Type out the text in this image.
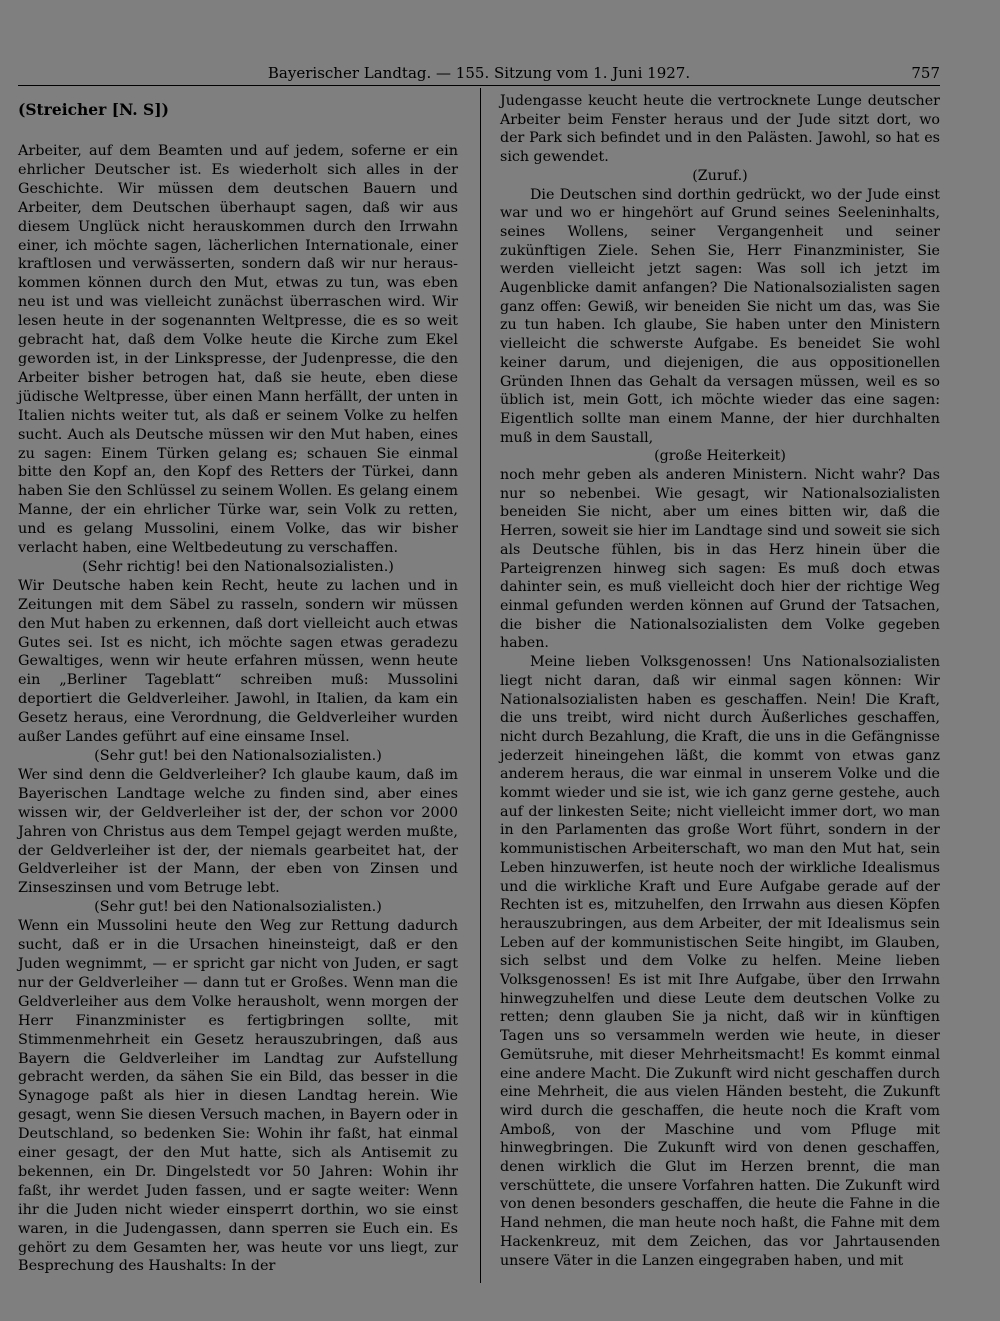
Bayerischer Landtag. — 155. Sitzung vom 1. Juni 1927.	757
(Streicher [N. S])

Arbeiter, auf dem Beamten und auf jedem, soferne er ein ehrlicher Deutscher ist. Es wiederholt sich alles in der Geschichte. Wir müssen dem deutschen Bauern und Arbeiter, dem Deutschen überhaupt sagen, daß wir aus diesem Unglück nicht herauskommen durch den Irrwahn einer, ich möchte sagen, lächerlichen Internationale, einer kraftlosen und verwässerten, sondern daß wir nur heraus-kommen können durch den Mut, etwas zu tun, was eben neu ist und was vielleicht zunächst überraschen wird. Wir lesen heute in der sogenannten Weltpresse, die es so weit gebracht hat, daß dem Volke heute die Kirche zum Ekel geworden ist, in der Linkspresse, der Judenpresse, die den Arbeiter bisher betrogen hat, daß sie heute, eben diese jüdische Weltpresse, über einen Mann herfällt, der unten in Italien nichts weiter tut, als daß er seinem Volke zu helfen sucht. Auch als Deutsche müssen wir den Mut haben, eines zu sagen: Einem Türken gelang es; schauen Sie einmal bitte den Kopf an, den Kopf des Retters der Türkei, dann haben Sie den Schlüssel zu seinem Wollen. Es gelang einem Manne, der ein ehrlicher Türke war, sein Volk zu retten, und es gelang Mussolini, einem Volke, das wir bisher verlacht haben, eine Weltbedeutung zu verschaffen.

(Sehr richtig! bei den Nationalsozialisten.)

Wir Deutsche haben kein Recht, heute zu lachen und in Zeitungen mit dem Säbel zu rasseln, sondern wir müssen den Mut haben zu erkennen, daß dort vielleicht auch etwas Gutes sei. Ist es nicht, ich möchte sagen etwas geradezu Gewaltiges, wenn wir heute erfahren müssen, wenn heute ein „Berliner Tageblatt“ schreiben muß: Mussolini deportiert die Geldverleiher. Jawohl, in Italien, da kam ein Gesetz heraus, eine Verordnung, die Geldverleiher wurden außer Landes geführt auf eine einsame Insel.

(Sehr gut! bei den Nationalsozialisten.)

Wer sind denn die Geldverleiher? Ich glaube kaum, daß im Bayerischen Landtage welche zu finden sind, aber eines wissen wir, der Geldverleiher ist der, der schon vor 2000 Jahren von Christus aus dem Tempel gejagt werden mußte, der Geldverleiher ist der, der niemals gearbeitet hat, der Geldverleiher ist der Mann, der eben von Zinsen und Zinseszinsen und vom Betruge lebt.

(Sehr gut! bei den Nationalsozialisten.)

Wenn ein Mussolini heute den Weg zur Rettung dadurch sucht, daß er in die Ursachen hineinsteigt, daß er den Juden wegnimmt, — er spricht gar nicht von Juden, er sagt nur der Geldverleiher — dann tut er Großes. Wenn man die Geldverleiher aus dem Volke herausholt, wenn morgen der Herr Finanzminister es fertigbringen sollte, mit Stimmenmehrheit ein Gesetz herauszubringen, daß aus Bayern die Geldverleiher im Landtag zur Aufstellung gebracht werden, da sähen Sie ein Bild, das besser in die Synagoge paßt als hier in diesen Landtag herein. Wie gesagt, wenn Sie diesen Versuch machen, in Bayern oder in Deutschland, so bedenken Sie: Wohin ihr faßt, hat einmal einer gesagt, der den Mut hatte, sich als Antisemit zu bekennen, ein Dr. Dingelstedt vor 50 Jahren: Wohin ihr faßt, ihr werdet Juden fassen, und er sagte weiter: Wenn ihr die Juden nicht wieder einsperrt dorthin, wo sie einst waren, in die Judengassen, dann sperren sie Euch ein. Es gehört zu dem Gesamten her, was heute vor uns liegt, zur Besprechung des Haushalts: In der

Judengasse keucht heute die vertrocknete Lunge deutscher Arbeiter beim Fenster heraus und der Jude sitzt dort, wo der Park sich befindet und in den Palästen. Jawohl, so hat es sich gewendet.

(Zuruf.)

Die Deutschen sind dorthin gedrückt, wo der Jude einst war und wo er hingehört auf Grund seines Seeleninhalts, seines Wollens, seiner Vergangenheit und seiner zukünftigen Ziele. Sehen Sie, Herr Finanzminister, Sie werden vielleicht jetzt sagen: Was soll ich jetzt im Augenblicke damit anfangen? Die Nationalsozialisten sagen ganz offen: Gewiß, wir beneiden Sie nicht um das, was Sie zu tun haben. Ich glaube, Sie haben unter den Ministern vielleicht die schwerste Aufgabe. Es beneidet Sie wohl keiner darum, und diejenigen, die aus oppositionellen Gründen Ihnen das Gehalt da versagen müssen, weil es so üblich ist, mein Gott, ich möchte wieder das eine sagen: Eigentlich sollte man einem Manne, der hier durchhalten muß in dem Saustall,

(große Heiterkeit)

noch mehr geben als anderen Ministern. Nicht wahr? Das nur so nebenbei. Wie gesagt, wir Nationalsozialisten beneiden Sie nicht, aber um eines bitten wir, daß die Herren, soweit sie hier im Landtage sind und soweit sie sich als Deutsche fühlen, bis in das Herz hinein über die Parteigrenzen hinweg sich sagen: Es muß doch etwas dahinter sein, es muß vielleicht doch hier der richtige Weg einmal gefunden werden können auf Grund der Tatsachen, die bisher die Nationalsozialisten dem Volke gegeben haben.

Meine lieben Volksgenossen! Uns Nationalsozialisten liegt nicht daran, daß wir einmal sagen können: Wir Nationalsozialisten haben es geschaffen. Nein! Die Kraft, die uns treibt, wird nicht durch Äußerliches geschaffen, nicht durch Bezahlung, die Kraft, die uns in die Gefängnisse jederzeit hineingehen läßt, die kommt von etwas ganz anderem heraus, die war einmal in unserem Volke und die kommt wieder und sie ist, wie ich ganz gerne gestehe, auch auf der linkesten Seite; nicht vielleicht immer dort, wo man in den Parlamenten das große Wort führt, sondern in der kommunistischen Arbeiterschaft, wo man den Mut hat, sein Leben hinzuwerfen, ist heute noch der wirkliche Idealismus und die wirkliche Kraft und Eure Aufgabe gerade auf der Rechten ist es, mitzuhelfen, den Irrwahn aus diesen Köpfen herauszubringen, aus dem Arbeiter, der mit Idealismus sein Leben auf der kommunistischen Seite hingibt, im Glauben, sich selbst und dem Volke zu helfen. Meine lieben Volksgenossen! Es ist mit Ihre Aufgabe, über den Irrwahn hinwegzuhelfen und diese Leute dem deutschen Volke zu retten; denn glauben Sie ja nicht, daß wir in künftigen Tagen uns so versammeln werden wie heute, in dieser Gemütsruhe, mit dieser Mehrheitsmacht! Es kommt einmal eine andere Macht. Die Zukunft wird nicht geschaffen durch eine Mehrheit, die aus vielen Händen besteht, die Zukunft wird durch die geschaffen, die heute noch die Kraft vom Amboß, von der Maschine und vom Pfluge mit hinwegbringen. Die Zukunft wird von denen geschaffen, denen wirklich die Glut im Herzen brennt, die man verschüttete, die unsere Vorfahren hatten. Die Zukunft wird von denen besonders geschaffen, die heute die Fahne in die Hand nehmen, die man heute noch haßt, die Fahne mit dem Hackenkreuz, mit dem Zeichen, das vor Jahrtausenden unsere Väter in die Lanzen eingegraben haben, und mit
